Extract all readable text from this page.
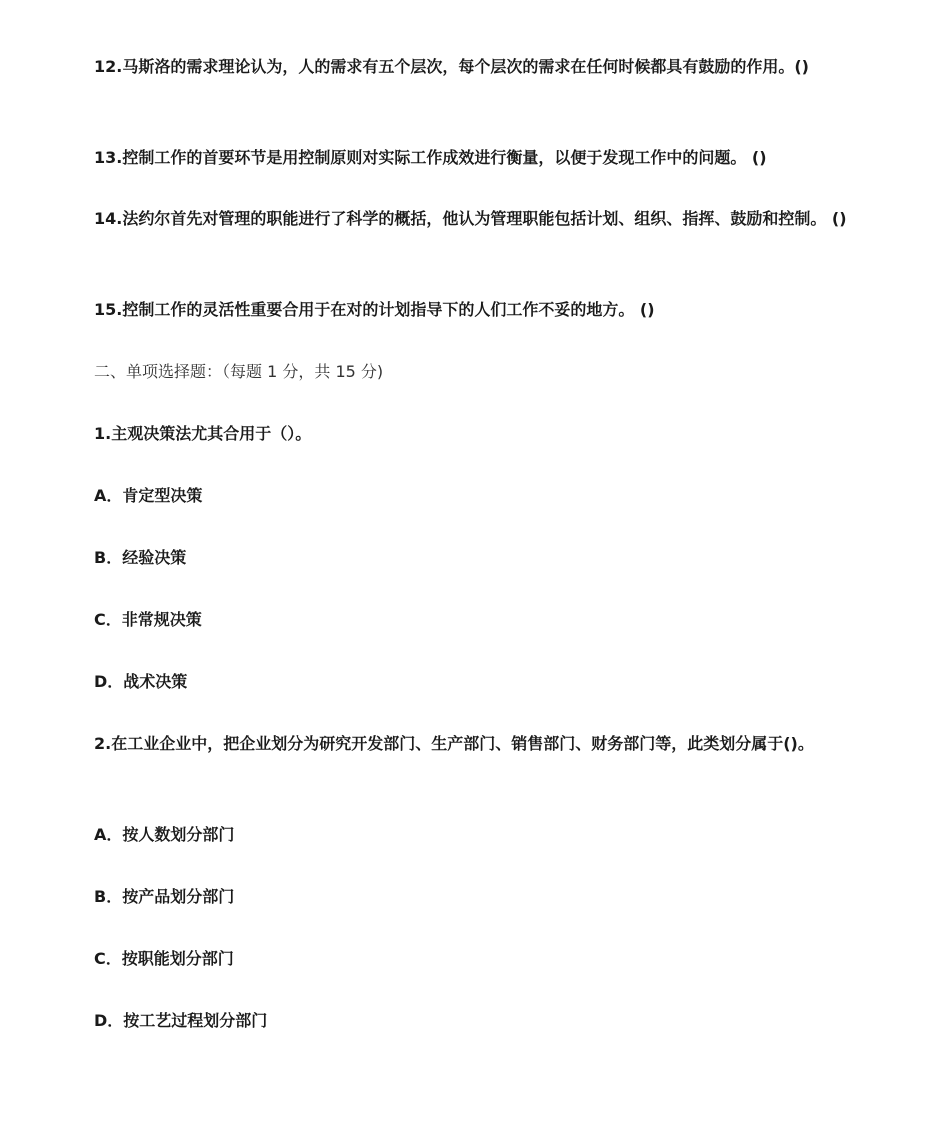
12.马斯洛的需求理论认为，人的需求有五个层次，每个层次的需求在任何时候都具有鼓励的作用。()

13.控制工作的首要环节是用控制原则对实际工作成效进行衡量，以便于发现工作中的问题。 ()

14.法约尔首先对管理的职能进行了科学的概括，他认为管理职能包括计划、组织、指挥、鼓励和控制。 ()

15.控制工作的灵活性重要合用于在对的计划指导下的人们工作不妥的地方。 ()

二、单项选择题：（每题 1 分，共 15 分)

1.主观决策法尤其合用于（）。

A．肯定型决策

B．经验决策

C．非常规决策

D．战术决策

2.在工业企业中，把企业划分为研究开发部门、生产部门、销售部门、财务部门等，此类划分属于()。

A．按人数划分部门

B．按产品划分部门

C．按职能划分部门

D．按工艺过程划分部门
